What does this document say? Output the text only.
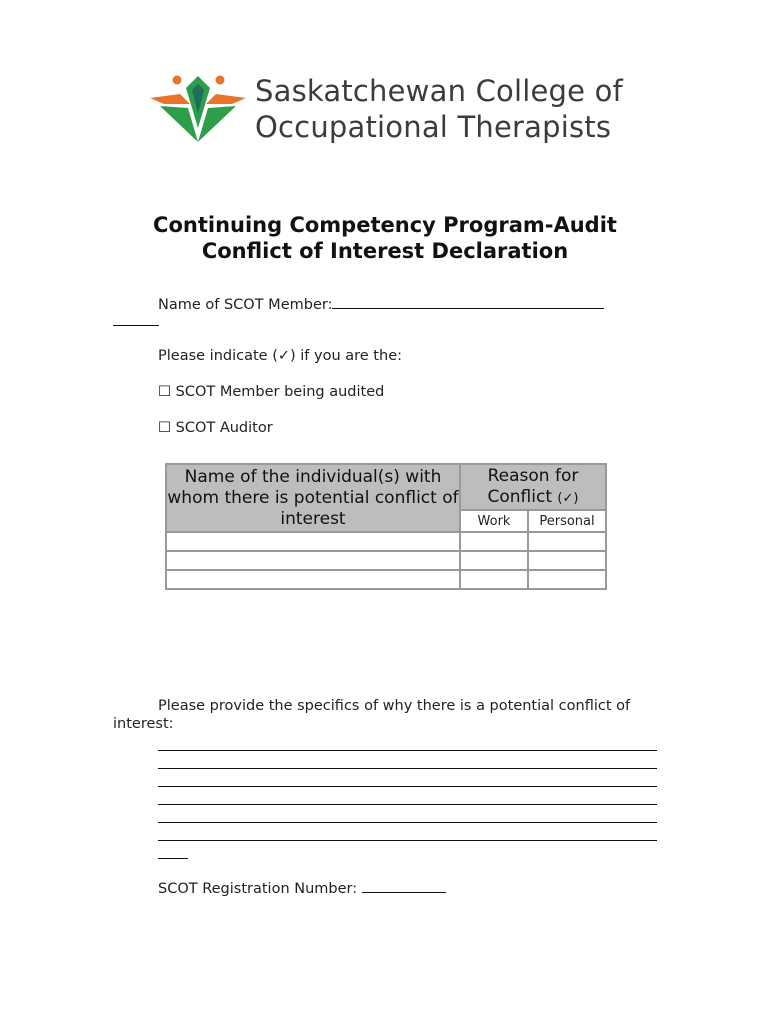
Saskatchewan College of
Occupational Therapists
Continuing Competency Program-Audit
Conflict of Interest Declaration
Name of SCOT Member:
Please indicate (✓) if you are the:
☐ SCOT Member being audited
☐ SCOT Auditor
Name of the individual(s) with whom there is potential conflict of interest	Reason for Conflict (✓)	
	Work	Personal

Please provide the specifics of why there is a potential conflict of
interest:
SCOT Registration Number:
